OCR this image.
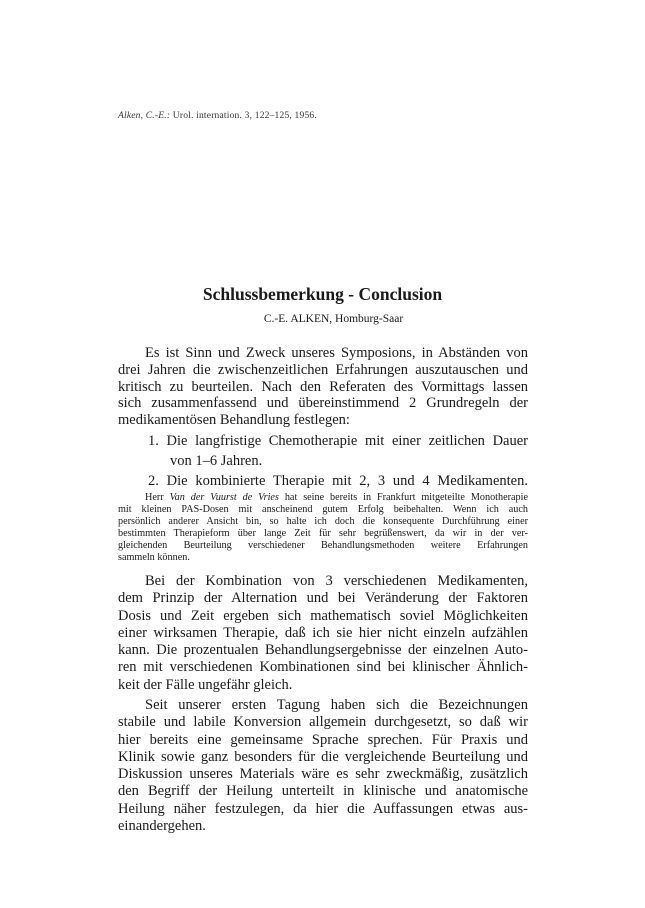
Alken, C.-E.: Urol. internation. 3, 122–125, 1956.
Schlussbemerkung - Conclusion
C.-E. ALKEN, Homburg-Saar
Es ist Sinn und Zweck unseres Symposions, in Abständen von
drei Jahren die zwischenzeitlichen Erfahrungen auszutauschen und
kritisch zu beurteilen. Nach den Referaten des Vormittags lassen
sich zusammenfassend und übereinstimmend 2 Grundregeln der
medikamentösen Behandlung festlegen:
1. Die langfristige Chemotherapie mit einer zeitlichen Dauer
von 1–6 Jahren.
2. Die kombinierte Therapie mit 2, 3 und 4 Medikamenten.
Herr Van der Vuurst de Vries hat seine bereits in Frankfurt mitgeteilte Monotherapie
mit kleinen PAS-Dosen mit anscheinend gutem Erfolg beibehalten. Wenn ich auch
persönlich anderer Ansicht bin, so halte ich doch die konsequente Durchführung einer
bestimmten Therapieform über lange Zeit für sehr begrüßenswert, da wir in der ver-
gleichenden Beurteilung verschiedener Behandlungsmethoden weitere Erfahrungen
sammeln können.
Bei der Kombination von 3 verschiedenen Medikamenten,
dem Prinzip der Alternation und bei Veränderung der Faktoren
Dosis und Zeit ergeben sich mathematisch soviel Möglichkeiten
einer wirksamen Therapie, daß ich sie hier nicht einzeln aufzählen
kann. Die prozentualen Behandlungsergebnisse der einzelnen Auto-
ren mit verschiedenen Kombinationen sind bei klinischer Ähnlich-
keit der Fälle ungefähr gleich.
Seit unserer ersten Tagung haben sich die Bezeichnungen
stabile und labile Konversion allgemein durchgesetzt, so daß wir
hier bereits eine gemeinsame Sprache sprechen. Für Praxis und
Klinik sowie ganz besonders für die vergleichende Beurteilung und
Diskussion unseres Materials wäre es sehr zweckmäßig, zusätzlich
den Begriff der Heilung unterteilt in klinische und anatomische
Heilung näher festzulegen, da hier die Auffassungen etwas aus-
einandergehen.
